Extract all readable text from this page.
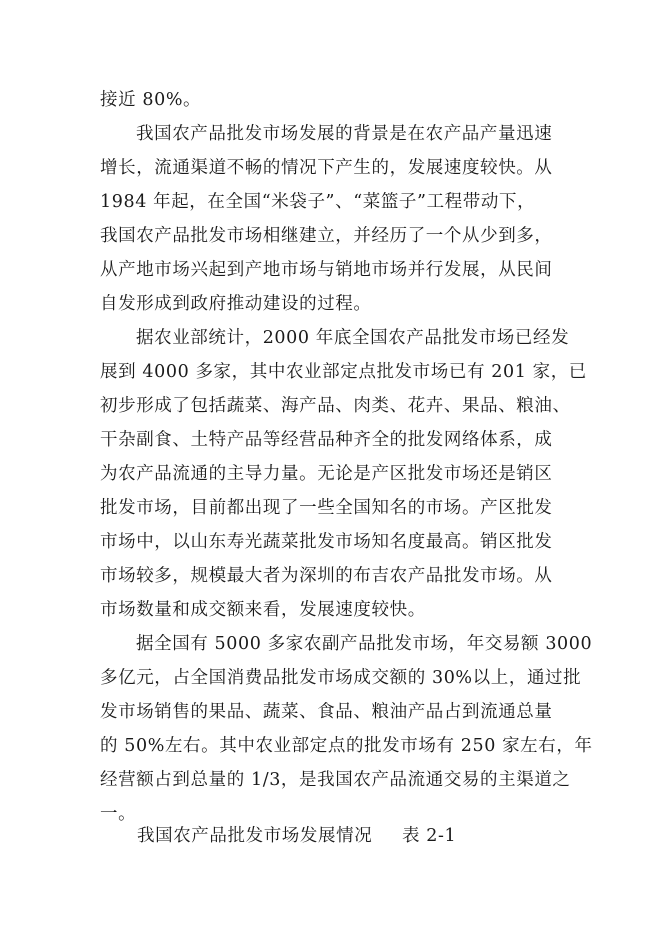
接近 80%。
我国农产品批发市场发展的背景是在农产品产量迅速
增长，流通渠道不畅的情况下产生的，发展速度较快。从
1984 年起，在全国“米袋子”、“菜篮子”工程带动下，
我国农产品批发市场相继建立，并经历了一个从少到多，
从产地市场兴起到产地市场与销地市场并行发展，从民间
自发形成到政府推动建设的过程。
据农业部统计，2000 年底全国农产品批发市场已经发
展到 4000 多家，其中农业部定点批发市场已有 201 家，已
初步形成了包括蔬菜、海产品、肉类、花卉、果品、粮油、
干杂副食、土特产品等经营品种齐全的批发网络体系，成
为农产品流通的主导力量。无论是产区批发市场还是销区
批发市场，目前都出现了一些全国知名的市场。产区批发
市场中，以山东寿光蔬菜批发市场知名度最高。销区批发
市场较多，规模最大者为深圳的布吉农产品批发市场。从
市场数量和成交额来看，发展速度较快。
据全国有 5000 多家农副产品批发市场，年交易额 3000
多亿元，占全国消费品批发市场成交额的 30%以上，通过批
发市场销售的果品、蔬菜、食品、粮油产品占到流通总量
的 50%左右。其中农业部定点的批发市场有 250 家左右，年
经营额占到总量的 1/3，是我国农产品流通交易的主渠道之
一。
我国农产品批发市场发展情况 表 2-1
